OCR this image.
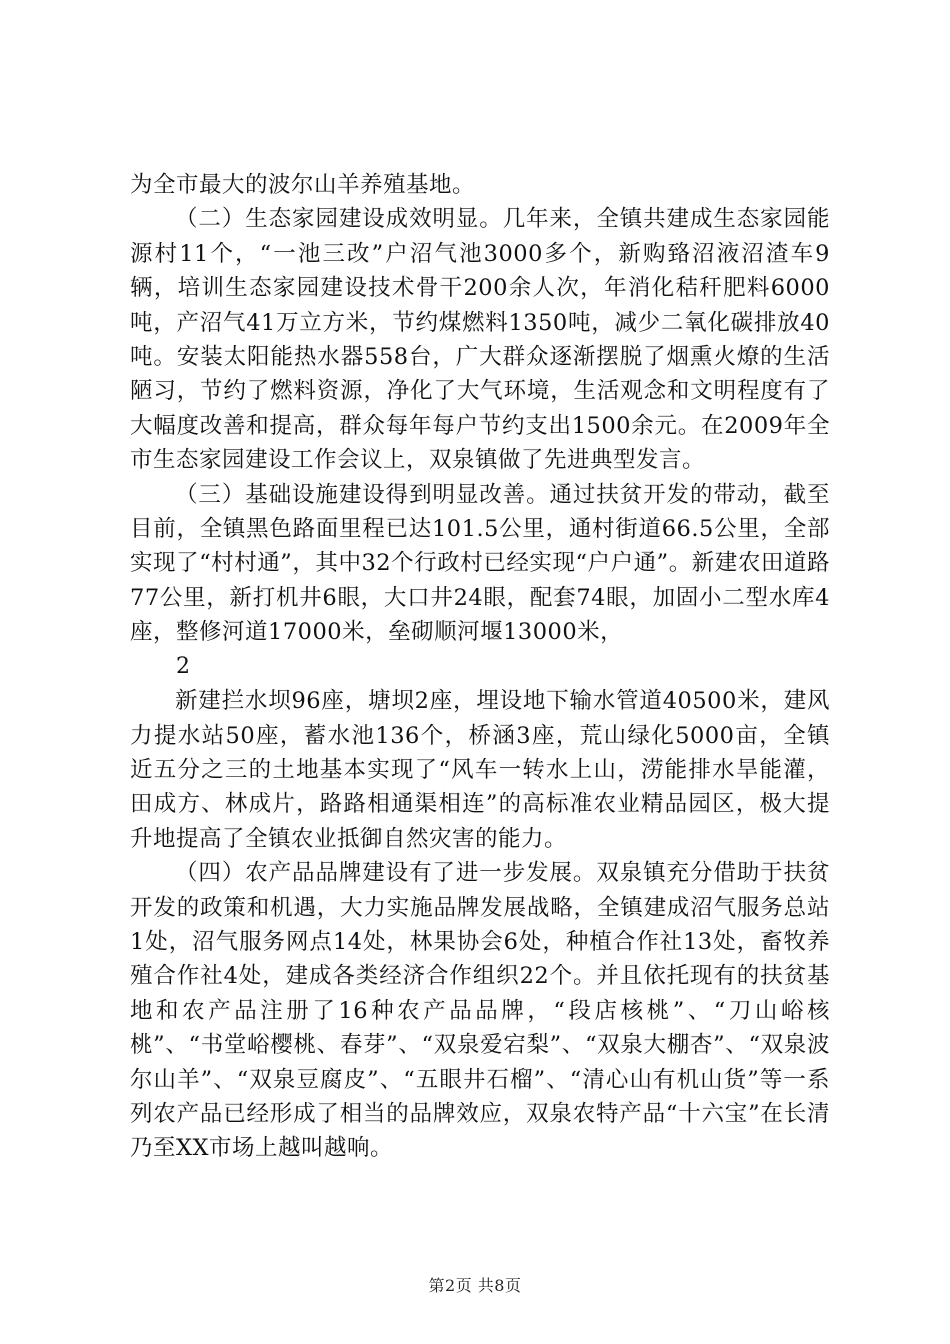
为全市最大的波尔山羊养殖基地。

（二）生态家园建设成效明显。几年来，全镇共建成生态家园能源村11个，“一池三改”户沼气池3000多个，新购臵沼液沼渣车9辆，培训生态家园建设技术骨干200余人次，年消化秸秆肥料6000吨，产沼气41万立方米，节约煤燃料1350吨，减少二氧化碳排放40吨。安装太阳能热水器558台，广大群众逐渐摆脱了烟熏火燎的生活陋习，节约了燃料资源，净化了大气环境，生活观念和文明程度有了大幅度改善和提高，群众每年每户节约支出1500余元。在2009年全市生态家园建设工作会议上，双泉镇做了先进典型发言。

（三）基础设施建设得到明显改善。通过扶贫开发的带动，截至目前，全镇黑色路面里程已达101.5公里，通村街道66.5公里，全部实现了“村村通”，其中32个行政村已经实现“户户通”。新建农田道路77公里，新打机井6眼，大口井24眼，配套74眼，加固小二型水库4座，整修河道17000米，垒砌顺河堰13000米，

2

新建拦水坝96座，塘坝2座，埋设地下输水管道40500米，建风力提水站50座，蓄水池136个，桥涵3座，荒山绿化5000亩，全镇近五分之三的土地基本实现了“风车一转水上山，涝能排水旱能灌，田成方、林成片，路路相通渠相连”的高标准农业精品园区，极大提升地提高了全镇农业抵御自然灾害的能力。

（四）农产品品牌建设有了进一步发展。双泉镇充分借助于扶贫开发的政策和机遇，大力实施品牌发展战略，全镇建成沼气服务总站1处，沼气服务网点14处，林果协会6处，种植合作社13处，畜牧养殖合作社4处，建成各类经济合作组织22个。并且依托现有的扶贫基地和农产品注册了16种农产品品牌，“段店核桃”、“刀山峪核桃”、“书堂峪樱桃、春芽”、“双泉爱宕梨”、“双泉大棚杏”、“双泉波尔山羊”、“双泉豆腐皮”、“五眼井石榴”、“清心山有机山货”等一系列农产品已经形成了相当的品牌效应，双泉农特产品“十六宝”在长清乃至XX市场上越叫越响。

第2页 共8页
